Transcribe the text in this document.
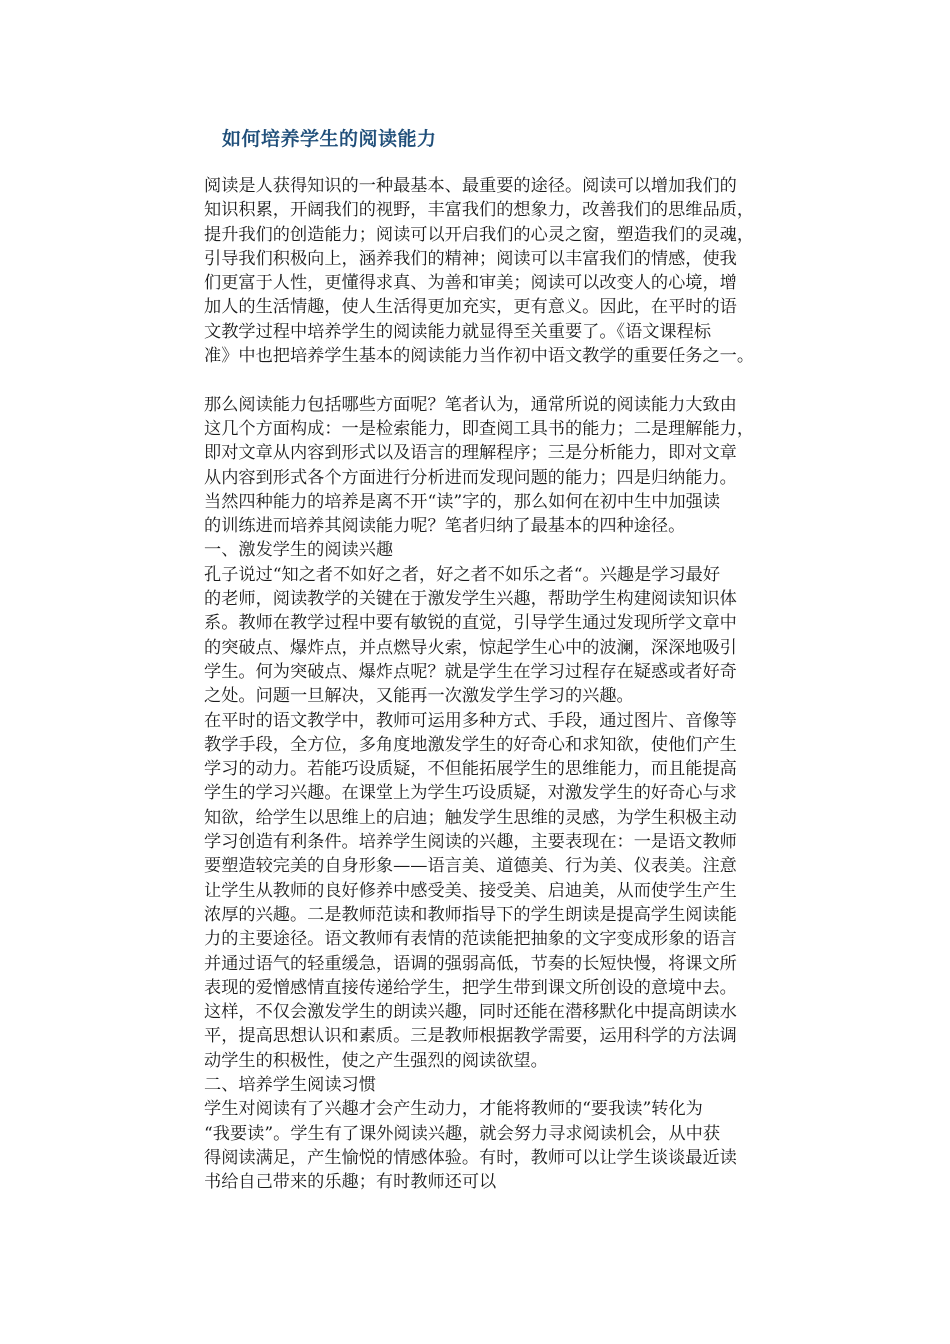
如何培养学生的阅读能力
阅读是人获得知识的一种最基本、最重要的途径。阅读可以增加我们的
知识积累，开阔我们的视野，丰富我们的想象力，改善我们的思维品质，
提升我们的创造能力；阅读可以开启我们的心灵之窗，塑造我们的灵魂，
引导我们积极向上，涵养我们的精神；阅读可以丰富我们的情感，使我
们更富于人性，更懂得求真、为善和审美；阅读可以改变人的心境，增
加人的生活情趣，使人生活得更加充实，更有意义。因此，在平时的语
文教学过程中培养学生的阅读能力就显得至关重要了。《语文课程标
准》中也把培养学生基本的阅读能力当作初中语文教学的重要任务之一。
那么阅读能力包括哪些方面呢？笔者认为，通常所说的阅读能力大致由
这几个方面构成：一是检索能力，即查阅工具书的能力；二是理解能力，
即对文章从内容到形式以及语言的理解程序；三是分析能力，即对文章
从内容到形式各个方面进行分析进而发现问题的能力；四是归纳能力。
当然四种能力的培养是离不开“读”字的，那么如何在初中生中加强读
的训练进而培养其阅读能力呢？笔者归纳了最基本的四种途径。
一、激发学生的阅读兴趣
孔子说过“知之者不如好之者，好之者不如乐之者“。兴趣是学习最好
的老师，阅读教学的关键在于激发学生兴趣，帮助学生构建阅读知识体
系。教师在教学过程中要有敏锐的直觉，引导学生通过发现所学文章中
的突破点、爆炸点，并点燃导火索，惊起学生心中的波澜，深深地吸引
学生。何为突破点、爆炸点呢？就是学生在学习过程存在疑惑或者好奇
之处。问题一旦解决，又能再一次激发学生学习的兴趣。
在平时的语文教学中，教师可运用多种方式、手段，通过图片、音像等
教学手段，全方位，多角度地激发学生的好奇心和求知欲，使他们产生
学习的动力。若能巧设质疑，不但能拓展学生的思维能力，而且能提高
学生的学习兴趣。在课堂上为学生巧设质疑，对激发学生的好奇心与求
知欲，给学生以思维上的启迪；触发学生思维的灵感，为学生积极主动
学习创造有利条件。培养学生阅读的兴趣，主要表现在：一是语文教师
要塑造较完美的自身形象——语言美、道德美、行为美、仪表美。注意
让学生从教师的良好修养中感受美、接受美、启迪美，从而使学生产生
浓厚的兴趣。二是教师范读和教师指导下的学生朗读是提高学生阅读能
力的主要途径。语文教师有表情的范读能把抽象的文字变成形象的语言
并通过语气的轻重缓急，语调的强弱高低，节奏的长短快慢，将课文所
表现的爱憎感情直接传递给学生，把学生带到课文所创设的意境中去。
这样，不仅会激发学生的朗读兴趣，同时还能在潜移默化中提高朗读水
平，提高思想认识和素质。三是教师根据教学需要，运用科学的方法调
动学生的积极性，使之产生强烈的阅读欲望。
二、培养学生阅读习惯
学生对阅读有了兴趣才会产生动力，才能将教师的“要我读”转化为
“我要读”。学生有了课外阅读兴趣，就会努力寻求阅读机会，从中获
得阅读满足，产生愉悦的情感体验。有时，教师可以让学生谈谈最近读
书给自己带来的乐趣；有时教师还可以
